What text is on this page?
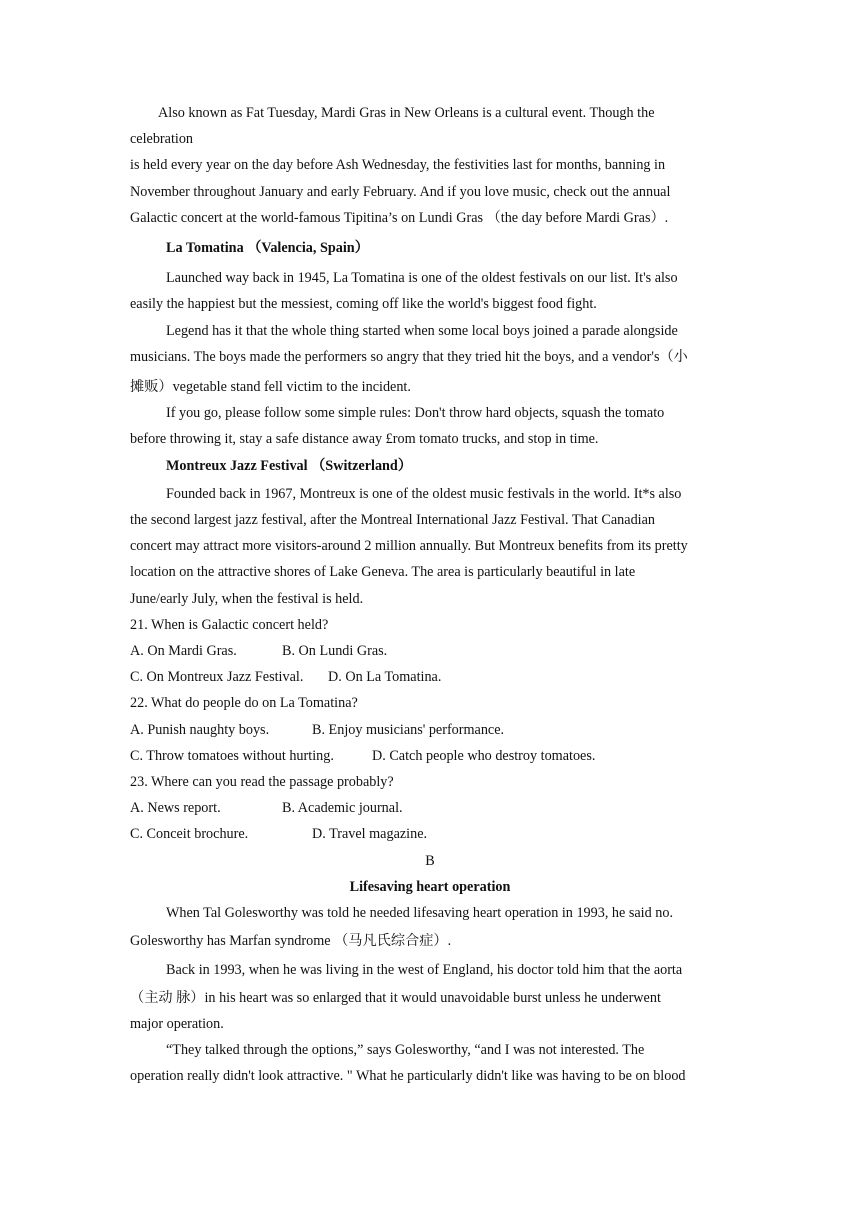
Also known as Fat Tuesday, Mardi Gras in New Orleans is a cultural event. Though the
celebration
is held every year on the day before Ash Wednesday, the festivities last for months, banning in
November throughout January and early February. And if you love music, check out the annual
Galactic concert at the world-famous Tipitina’s on Lundi Gras （the day before Mardi Gras）.
La Tomatina （Valencia, Spain）
Launched way back in 1945, La Tomatina is one of the oldest festivals on our list. It's also
easily the happiest but the messiest, coming off like the world's biggest food fight.
Legend has it that the whole thing started when some local boys joined a parade alongside
musicians. The boys made the performers so angry that they tried hit the boys, and a vendor's（小
摊贩）vegetable stand fell victim to the incident.
If you go, please follow some simple rules: Don't throw hard objects, squash the tomato
before throwing it, stay a safe distance away £rom tomato trucks, and stop in time.
Montreux Jazz Festival （Switzerland）
Founded back in 1967, Montreux is one of the oldest music festivals in the world. It*s also
the second largest jazz festival, after the Montreal International Jazz Festival. That Canadian
concert may attract more visitors-around 2 million annually. But Montreux benefits from its pretty
location on the attractive shores of Lake Geneva. The area is particularly beautiful in late
June/early July, when the festival is held.
21. When is Galactic concert held?
A. On Mardi Gras.	B. On Lundi Gras.
C. On Montreux Jazz Festival. D. On La Tomatina.
22. What do people do on La Tomatina?
A. Punish naughty boys.	B. Enjoy musicians' performance.
C. Throw tomatoes without hurting.	D. Catch people who destroy tomatoes.
23. Where can you read the passage probably?
A. News report.	B. Academic journal.
C. Conceit brochure.	D. Travel magazine.
B
Lifesaving heart operation
When Tal Golesworthy was told he needed lifesaving heart operation in 1993, he said no.
Golesworthy has Marfan syndrome （马凡氏综合症）.
Back in 1993, when he was living in the west of England, his doctor told him that the aorta
（主动 脉）in his heart was so enlarged that it would unavoidable burst unless he underwent
major operation.
“They talked through the options,” says Golesworthy, “and I was not interested. The
operation really didn't look attractive. " What he particularly didn't like was having to be on blood
